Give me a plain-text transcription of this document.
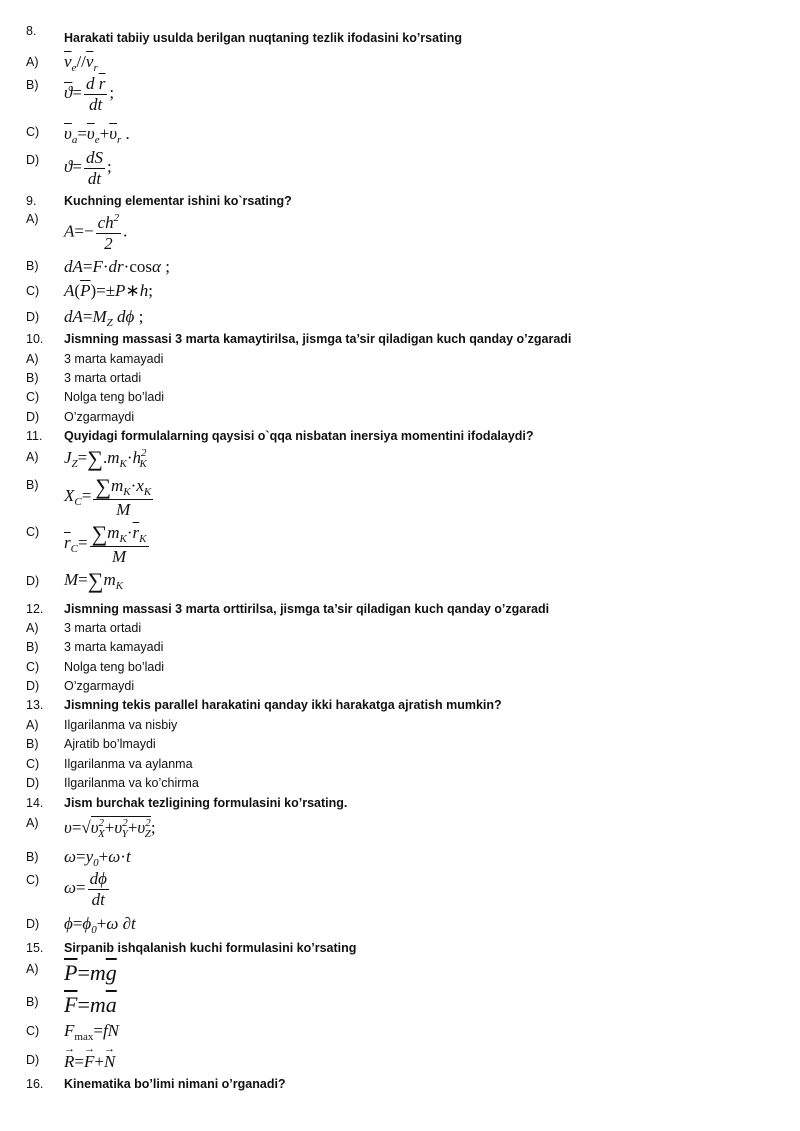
8. Harakati tabiiy usulda berilgan nuqtaning tezlik ifodasini ko’rsating
A) $\overline{v}_e//\overline{v}_r$
B) $\overline{ϑ}= \frac{d \overline{r}}{dt}$ ;
C) $\overline{\upsilon}_a=\overline{\upsilon}_e+\overline{\upsilon}_r$ .
D) $ϑ= \frac{dS}{dt}$ ;
9. Kuchning elementar ishini ko`rsating?
A)
$A=- \frac{ch^2}{2}$ .
B) dA=F·dr·cosα ;
C) $A(\overline{P})=\pm P∗h$;
D) $dA=M_Z$ dϕ ;
10. Jismning massasi 3 marta kamaytirilsa, jismga ta’sir qiladigan kuch qanday o’zgaradi
A) 3 marta kamayadi
B) 3 marta ortadi
C) Nolga teng bo’ladi
D) O’zgarmaydi
11. Quyidagi formulalarning qaysisi o`qqa nisbatan inersiya momentini ifodalaydi?
A) $J_Z=\sum.m_K\cdot h^2_K$
B)
$X_C= \frac{\sum m_K\cdot x_K}{M}$
C)
$\overline{r}_C= \frac{\sum m_K\cdot\overline{r}_K}{M}$
D) $M=\sum m_K$
12. Jismning massasi 3 marta orttirilsa, jismga ta’sir qiladigan kuch qanday o’zgaradi
A) 3 marta ortadi
B) 3 marta kamayadi
C) Nolga teng bo’ladi
D) O’zgarmaydi
13. Jismning tekis parallel harakatini qanday ikki harakatga ajratish mumkin?
A) Ilgarilanma va nisbiy
B) Ajratib bo’lmaydi
C) Ilgarilanma va aylanma
D) Ilgarilanma va ko’chirma
14. Jism burchak tezligining formulasini ko’rsating.
A) $\upsilon=√\upsilon^2_X+\upsilon^2_Y+\upsilon^2_Z$;
B) $\omega=y_0+\omega\cdot t$
C) $\omega= \frac{d\phi}{dt}$
D) $\phi=\phi_0+\omega$ ∂t
15. Sirpanib ishqalanish kuchi formulasini ko’rsating
A) $\overline{P}=m\overline{g}$
B) $\overline{F}=m\overline{a}$
C) $F_{max}=fN$
D) → R=→ F+→ N
16. Kinematika bo’limi nimani o’rganadi?
